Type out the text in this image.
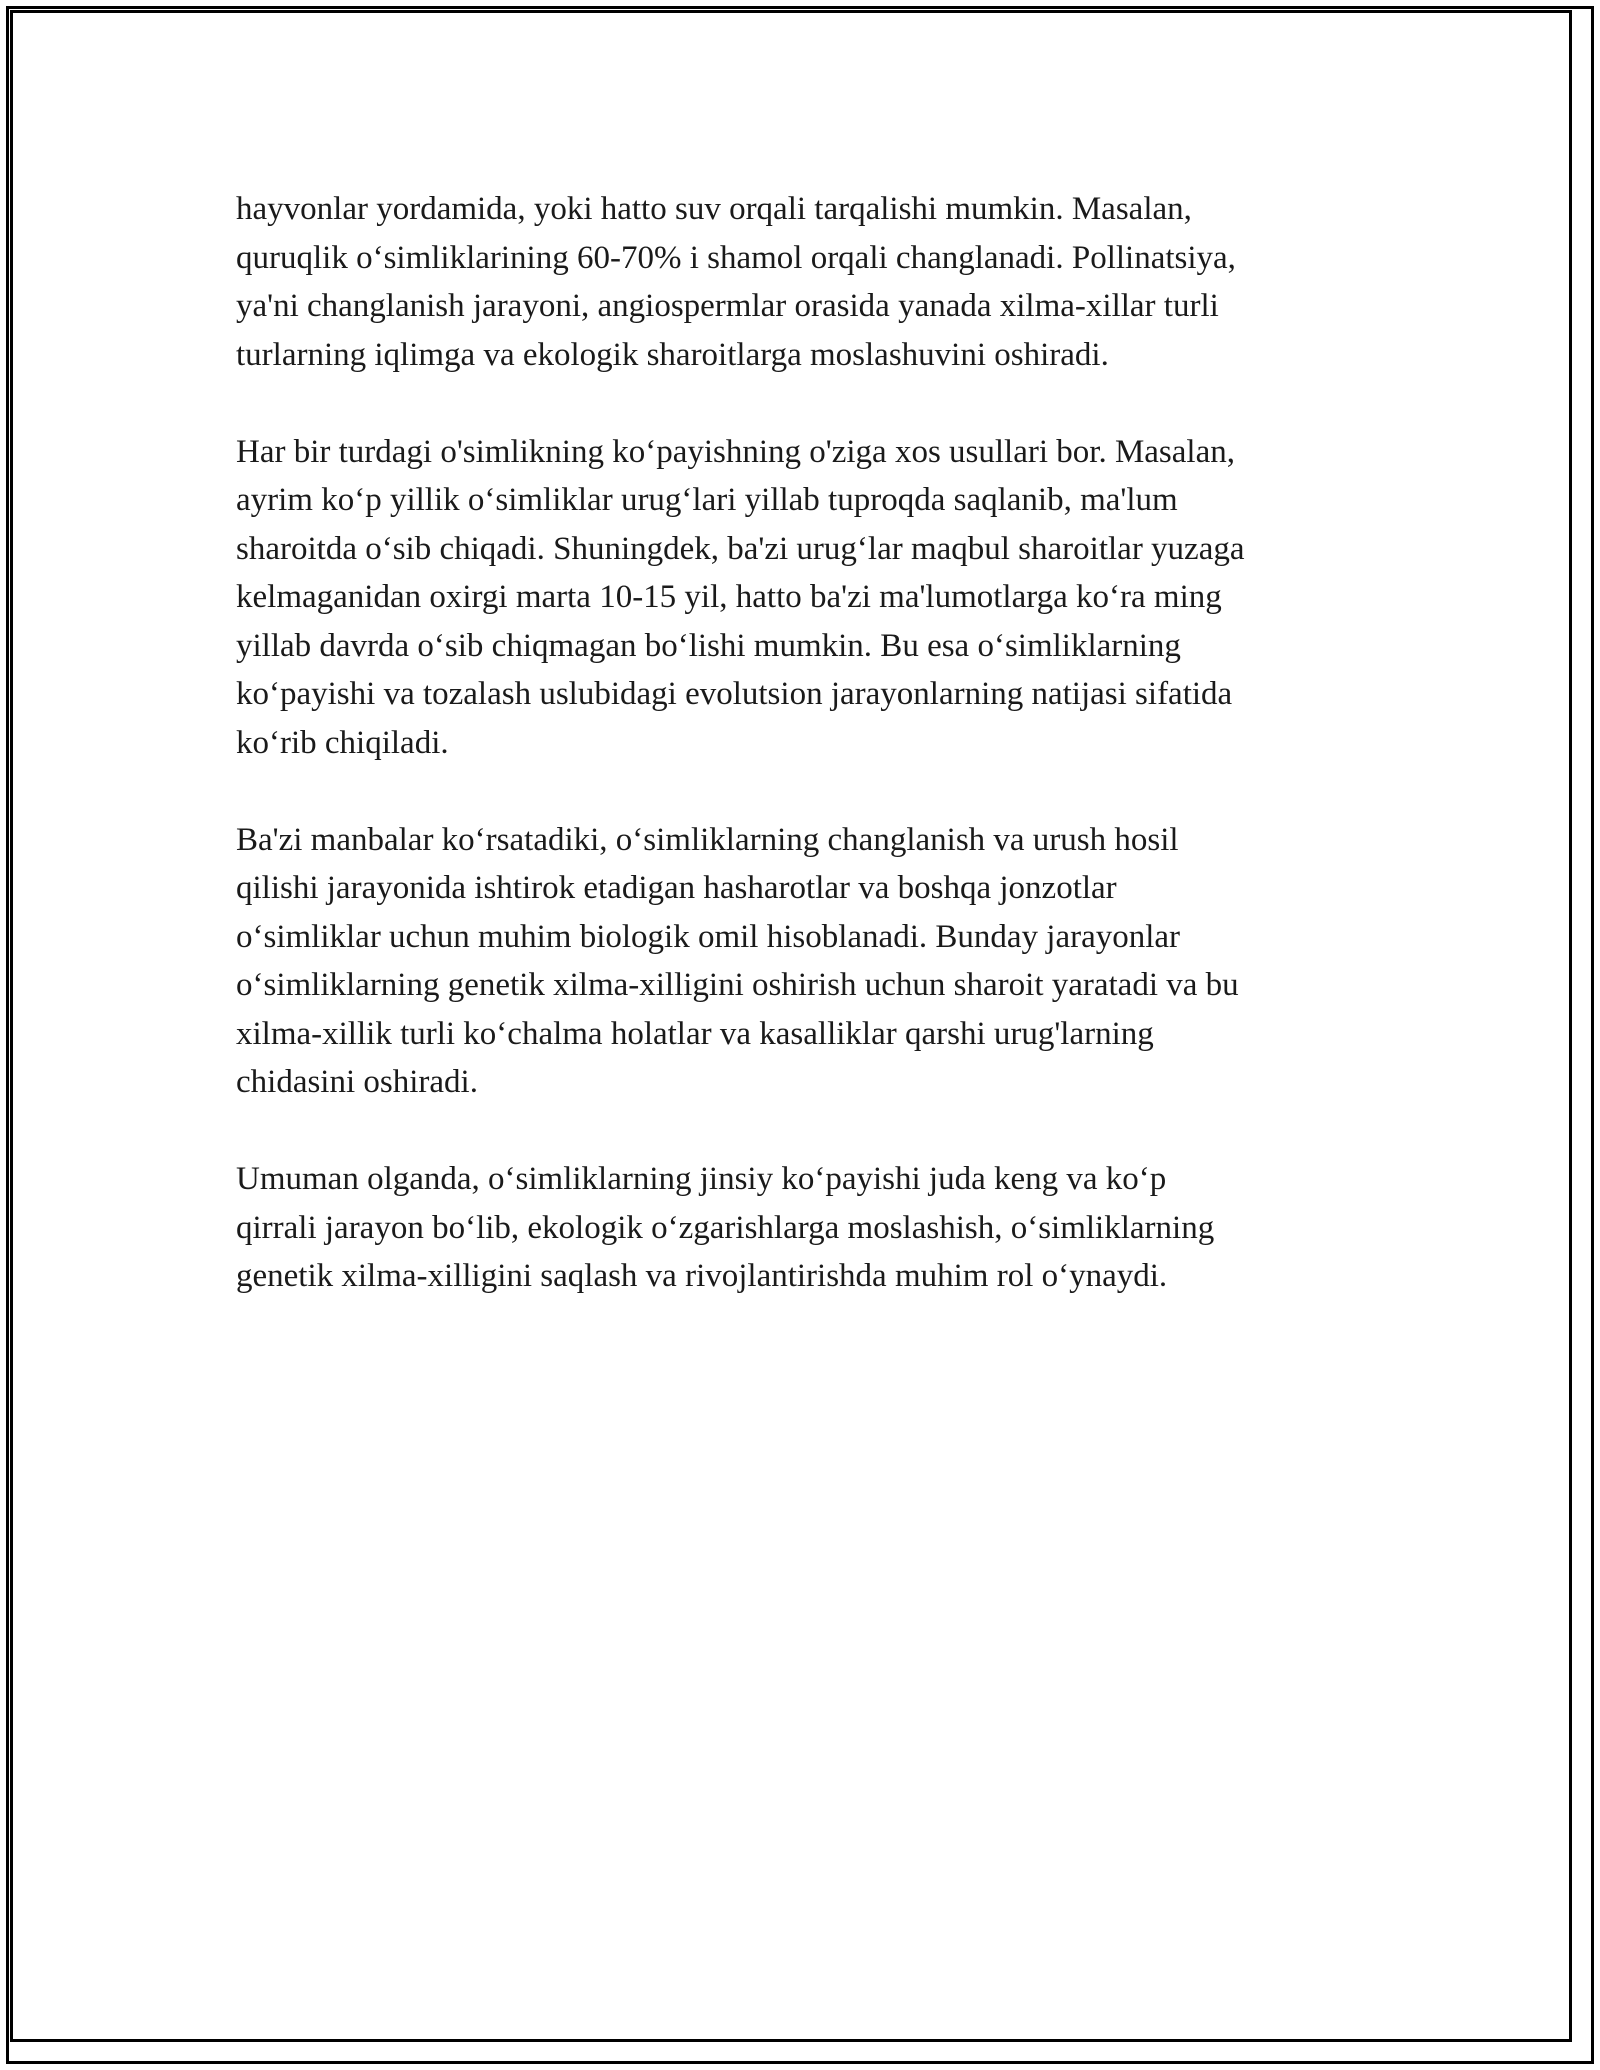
hayvonlar yordamida, yoki hatto suv orqali tarqalishi mumkin. Masalan,
quruqlik o‘simliklarining 60-70% i shamol orqali changlanadi. Pollinatsiya,
ya'ni changlanish jarayoni, angiospermlar orasida yanada xilma-xillar turli
turlarning iqlimga va ekologik sharoitlarga moslashuvini oshiradi.

Har bir turdagi o'simlikning ko‘payishning o'ziga xos usullari bor. Masalan,
ayrim ko‘p yillik o‘simliklar urug‘lari yillab tuproqda saqlanib, ma'lum
sharoitda o‘sib chiqadi. Shuningdek, ba'zi urug‘lar maqbul sharoitlar yuzaga
kelmaganidan oxirgi marta 10-15 yil, hatto ba'zi ma'lumotlarga ko‘ra ming
yillab davrda o‘sib chiqmagan bo‘lishi mumkin. Bu esa o‘simliklarning
ko‘payishi va tozalash uslubidagi evolutsion jarayonlarning natijasi sifatida
ko‘rib chiqiladi.

Ba'zi manbalar ko‘rsatadiki, o‘simliklarning changlanish va urush hosil
qilishi jarayonida ishtirok etadigan hasharotlar va boshqa jonzotlar
o‘simliklar uchun muhim biologik omil hisoblanadi. Bunday jarayonlar
o‘simliklarning genetik xilma-xilligini oshirish uchun sharoit yaratadi va bu
xilma-xillik turli ko‘chalma holatlar va kasalliklar qarshi urug'larning
chidasini oshiradi.

Umuman olganda, o‘simliklarning jinsiy ko‘payishi juda keng va ko‘p
qirrali jarayon bo‘lib, ekologik o‘zgarishlarga moslashish, o‘simliklarning
genetik xilma-xilligini saqlash va rivojlantirishda muhim rol o‘ynaydi.
